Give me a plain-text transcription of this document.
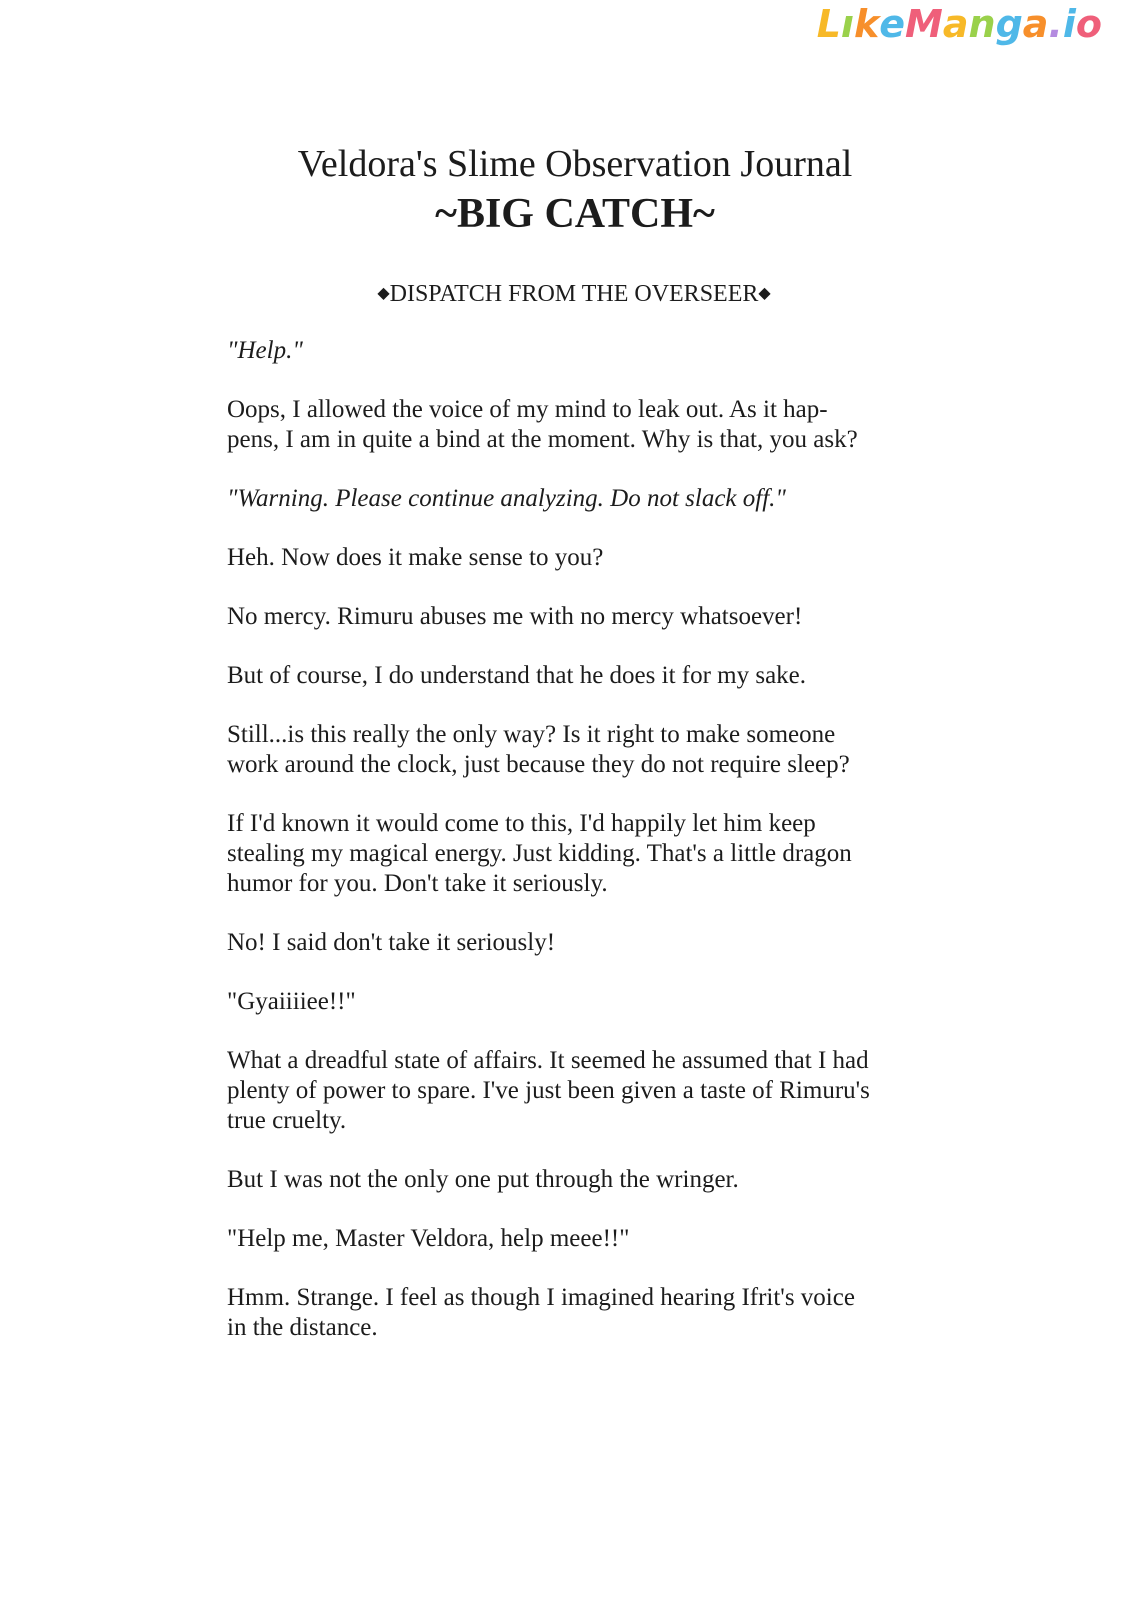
LıkeManga.io
Veldora's Slime Observation Journal
~BIG CATCH~
◆DISPATCH FROM THE OVERSEER◆

"Help."

Oops, I allowed the voice of my mind to leak out. As it hap-pens, I am in quite a bind at the moment. Why is that, you ask?

"Warning. Please continue analyzing. Do not slack off."

Heh. Now does it make sense to you?

No mercy. Rimuru abuses me with no mercy whatsoever!

But of course, I do understand that he does it for my sake.

Still...is this really the only way? Is it right to make someone work around the clock, just because they do not require sleep?

If I'd known it would come to this, I'd happily let him keep stealing my magical energy. Just kidding. That's a little dragon humor for you. Don't take it seriously.

No! I said don't take it seriously!

"Gyaiiiiee!!"

What a dreadful state of affairs. It seemed he assumed that I had plenty of power to spare. I've just been given a taste of Rimuru's true cruelty.

But I was not the only one put through the wringer.

"Help me, Master Veldora, help meee!!"

Hmm. Strange. I feel as though I imagined hearing Ifrit's voice in the distance.
